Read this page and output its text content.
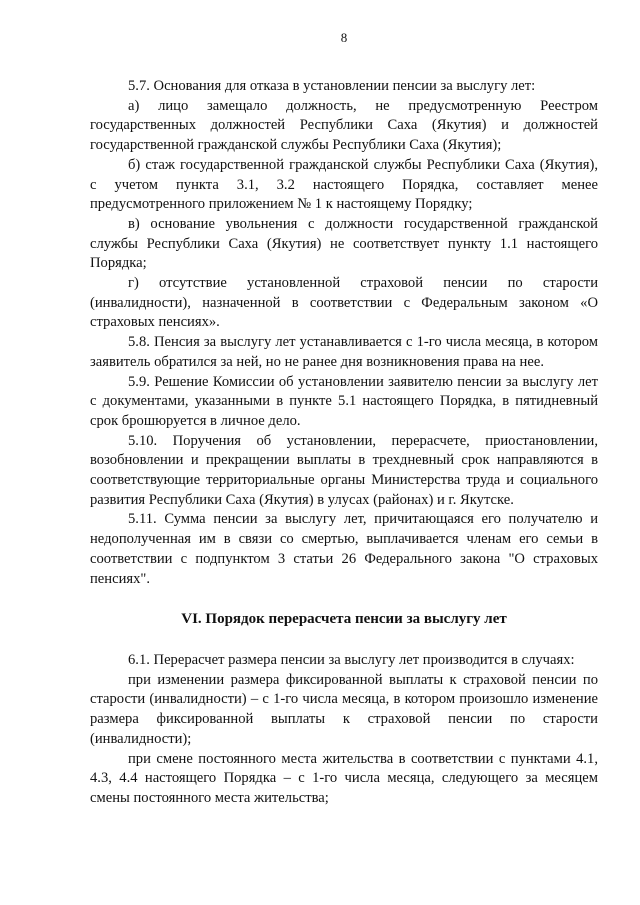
8

5.7. Основания для отказа в установлении пенсии за выслугу лет:

а) лицо замещало должность, не предусмотренную Реестром государственных должностей Республики Саха (Якутия) и должностей государственной гражданской службы Республики Саха (Якутия);

б) стаж государственной гражданской службы Республики Саха (Якутия), с учетом пункта 3.1, 3.2 настоящего Порядка, составляет менее предусмотренного приложением № 1 к настоящему Порядку;

в) основание увольнения с должности государственной гражданской службы Республики Саха (Якутия) не соответствует пункту 1.1 настоящего Порядка;

г) отсутствие установленной страховой пенсии по старости (инвалидности), назначенной в соответствии с Федеральным законом «О страховых пенсиях».

5.8. Пенсия за выслугу лет устанавливается с 1-го числа месяца, в котором заявитель обратился за ней, но не ранее дня возникновения права на нее.

5.9. Решение Комиссии об установлении заявителю пенсии за выслугу лет с документами, указанными в пункте 5.1 настоящего Порядка, в пятидневный срок брошюруется в личное дело.

5.10. Поручения об установлении, перерасчете, приостановлении, возобновлении и прекращении выплаты в трехдневный срок направляются в соответствующие территориальные органы Министерства труда и социального развития Республики Саха (Якутия) в улусах (районах) и г. Якутске.

5.11. Сумма пенсии за выслугу лет, причитающаяся его получателю и недополученная им в связи со смертью, выплачивается членам его семьи в соответствии с подпунктом 3 статьи 26 Федерального закона "О страховых пенсиях".

VI. Порядок перерасчета пенсии за выслугу лет

6.1. Перерасчет размера пенсии за выслугу лет производится в случаях:

при изменении размера фиксированной выплаты к страховой пенсии по старости (инвалидности) – с 1-го числа месяца, в котором произошло изменение размера фиксированной выплаты к страховой пенсии по старости (инвалидности);

при смене постоянного места жительства в соответствии с пунктами 4.1, 4.3, 4.4 настоящего Порядка – с 1-го числа месяца, следующего за месяцем смены постоянного места жительства;
